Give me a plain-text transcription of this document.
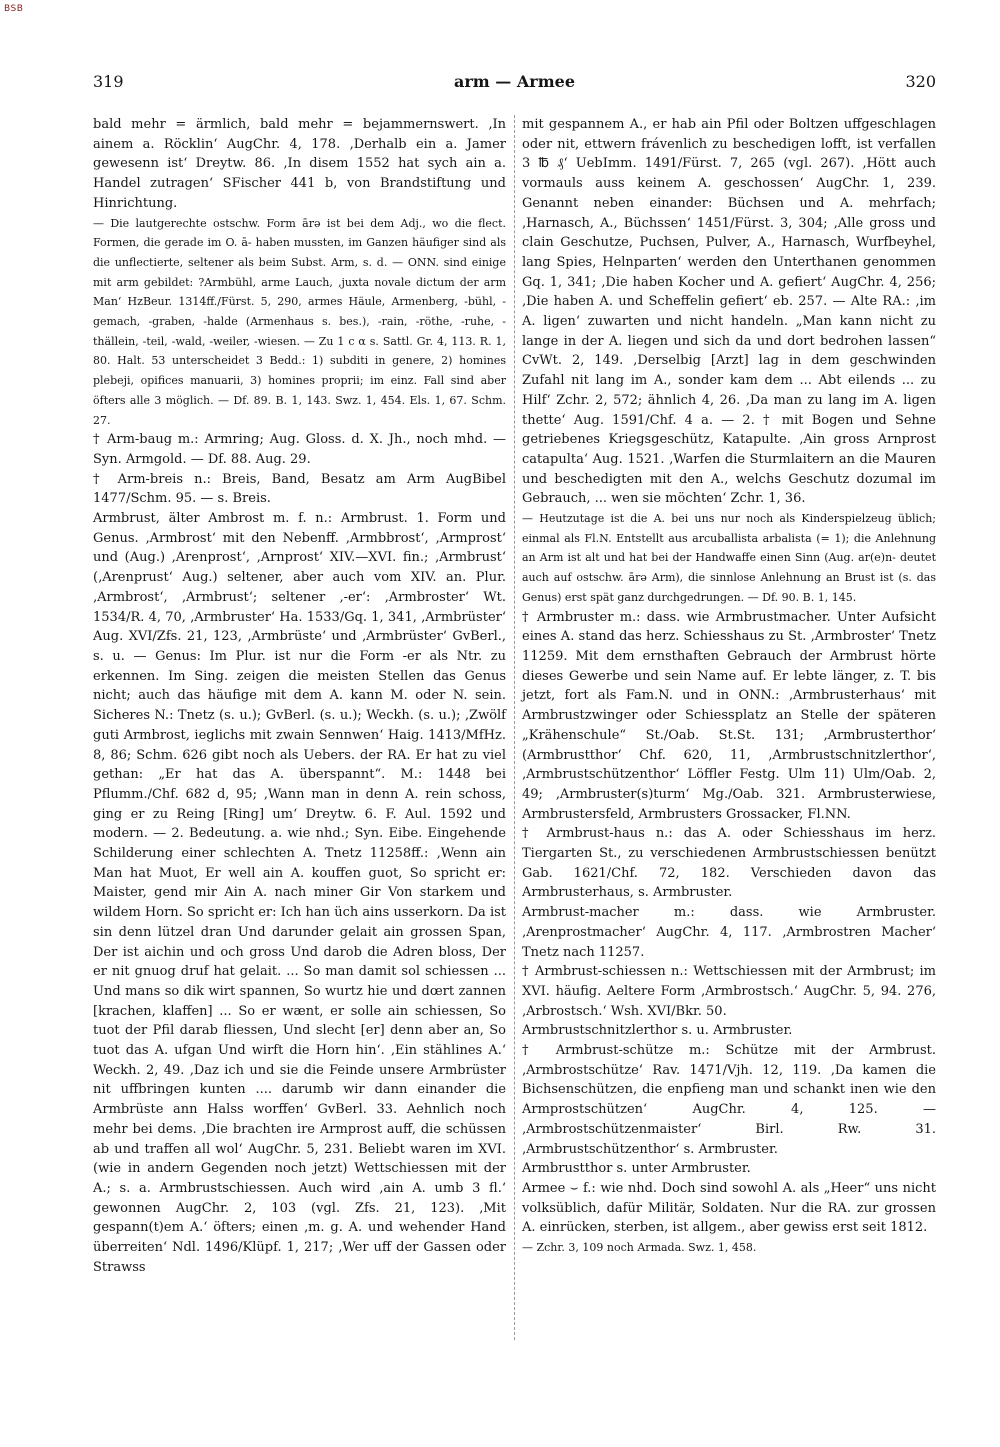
BSB
319	arm — Armee	320

bald mehr = ärmlich, bald mehr = bejammernswert. ‚In ainem a. Röcklin‘ AugChr. 4, 178. ‚Derhalb ein a. Jamer gewesenn ist‘ Dreytw. 86. ‚In disem 1552 hat sych ain a. Handel zutragen‘ SFischer 441 b, von Brandstiftung und Hinrichtung.

— Die lautgerechte ostschw. Form ārə ist bei dem Adj., wo die flect. Formen, die gerade im O. ā- haben mussten, im Ganzen häufiger sind als die unflectierte, seltener als beim Subst. Arm, s. d. — ONN. sind einige mit arm gebildet: ?Armbühl, arme Lauch, ‚juxta novale dictum der arm Man‘ HzBeur. 1314ff./Fürst. 5, 290, armes Häule, Armenberg, -bühl, -gemach, -graben, -halde (Armenhaus s. bes.), -rain, -röthe, -ruhe, -thällein, -teil, -wald, -weiler, -wiesen. — Zu 1 c α s. Sattl. Gr. 4, 113. R. 1, 80. Halt. 53 unterscheidet 3 Bedd.: 1) subditi in genere, 2) homines plebeji, opifices manuarii, 3) homines proprii; im einz. Fall sind aber öfters alle 3 möglich. — Df. 89. B. 1, 143. Swz. 1, 454. Els. 1, 67. Schm. 27.

† Arm-baug m.: Armring; Aug. Gloss. d. X. Jh., noch mhd. — Syn. Armgold. — Df. 88. Aug. 29.

† Arm-breis n.: Breis, Band, Besatz am Arm AugBibel 1477/Schm. 95. — s. Breis.

Armbrust, älter Ambrost m. f. n.: Armbrust. 1. Form und Genus. ‚Armbrost‘ mit den Nebenff. ‚Armbbrost‘, ‚Armprost‘ und (Aug.) ‚Arenprost‘, ‚Arnprost‘ XIV.—XVI. fin.; ‚Armbrust‘ (‚Arenprust‘ Aug.) seltener, aber auch vom XIV. an. Plur. ‚Armbrost‘, ‚Armbrust‘; seltener ‚-er‘: ‚Armbroster‘ Wt. 1534/R. 4, 70, ‚Armbruster‘ Ha. 1533/Gq. 1, 341, ‚Armbrüster‘ Aug. XVI/Zfs. 21, 123, ‚Armbrüste‘ und ‚Armbrüster‘ GvBerl., s. u. — Genus: Im Plur. ist nur die Form -er als Ntr. zu erkennen. Im Sing. zeigen die meisten Stellen das Genus nicht; auch das häufige mit dem A. kann M. oder N. sein. Sicheres N.: Tnetz (s. u.); GvBerl. (s. u.); Weckh. (s. u.); ‚Zwölf guti Armbrost, ieglichs mit zwain Sennwen‘ Haig. 1413/MfHz. 8, 86; Schm. 626 gibt noch als Uebers. der RA. Er hat zu viel gethan: „Er hat das A. überspannt“. M.: 1448 bei Pflumm./Chf. 682 d, 95; ‚Wann man in denn A. rein schoss, ging er zu Reing [Ring] um‘ Dreytw. 6. F. Aul. 1592 und modern. — 2. Bedeutung. a. wie nhd.; Syn. Eibe. Eingehende Schilderung einer schlechten A. Tnetz 11258ff.: ‚Wenn ain Man hat Muot, Er well ain A. kouffen guot, So spricht er: Maister, gend mir Ain A. nach miner Gir Von starkem und wildem Horn. So spricht er: Ich han üch ains usserkorn. Da ist sin denn lützel dran Und darunder gelait ain grossen Span, Der ist aichin und och gross Und darob die Adren bloss, Der er nit gnuog druf hat gelait. ... So man damit sol schiessen ... Und mans so dik wirt spannen, So wurtz hie und dœrt zannen [krachen, klaffen] ... So er wænt, er solle ain schiessen, So tuot der Pfil darab fliessen, Und slecht [er] denn aber an, So tuot das A. ufgan Und wirft die Horn hin‘. ‚Ein stählines A.‘ Weckh. 2, 49. ‚Daz ich und sie die Feinde unsere Armbrüster nit uffbringen kunten .... darumb wir dann einander die Armbrüste ann Halss worffen‘ GvBerl. 33. Aehnlich noch mehr bei dems. ‚Die brachten ire Armprost auff, die schüssen ab und traffen all wol‘ AugChr. 5, 231. Beliebt waren im XVI. (wie in andern Gegenden noch jetzt) Wettschiessen mit der A.; s. a. Armbrustschiessen. Auch wird ‚ain A. umb 3 fl.‘ gewonnen AugChr. 2, 103 (vgl. Zfs. 21, 123). ‚Mit gespann(t)em A.‘ öfters; einen ‚m. g. A. und wehender Hand überreiten‘ Ndl. 1496/Klüpf. 1, 217; ‚Wer uff der Gassen oder Strawss

mit gespannem A., er hab ain Pfil oder Boltzen uffgeschlagen oder nit, ettwern frávenlich zu beschedigen lofft, ist verfallen 3 ℔ ₰‘ UebImm. 1491/Fürst. 7, 265 (vgl. 267). ‚Hött auch vormauls auss keinem A. geschossen‘ AugChr. 1, 239. Genannt neben einander: Büchsen und A. mehrfach; ‚Harnasch, A., Büchssen‘ 1451/Fürst. 3, 304; ‚Alle gross und clain Geschutze, Puchsen, Pulver, A., Harnasch, Wurfbeyhel, lang Spies, Helnparten‘ werden den Unterthanen genommen Gq. 1, 341; ‚Die haben Kocher und A. gefiert‘ AugChr. 4, 256; ‚Die haben A. und Scheffelin gefiert‘ eb. 257. — Alte RA.: ‚im A. ligen‘ zuwarten und nicht handeln. „Man kann nicht zu lange in der A. liegen und sich da und dort bedrohen lassen“ CvWt. 2, 149. ‚Derselbig [Arzt] lag in dem geschwinden Zufahl nit lang im A., sonder kam dem ... Abt eilends ... zu Hilf‘ Zchr. 2, 572; ähnlich 4, 26. ‚Da man zu lang im A. ligen thette‘ Aug. 1591/Chf. 4 a. — 2. † mit Bogen und Sehne getriebenes Kriegsgeschütz, Katapulte. ‚Ain gross Arnprost catapulta‘ Aug. 1521. ‚Warfen die Sturmlaitern an die Mauren und beschedigten mit den A., welchs Geschutz dozumal im Gebrauch, ... wen sie möchten‘ Zchr. 1, 36.

— Heutzutage ist die A. bei uns nur noch als Kinderspielzeug üblich; einmal als Fl.N. Entstellt aus arcuballista arbalista (= 1); die Anlehnung an Arm ist alt und hat bei der Handwaffe einen Sinn (Aug. ar(e)n- deutet auch auf ostschw. ārə Arm), die sinnlose Anlehnung an Brust ist (s. das Genus) erst spät ganz durchgedrungen. — Df. 90. B. 1, 145.

† Armbruster m.: dass. wie Armbrustmacher. Unter Aufsicht eines A. stand das herz. Schiesshaus zu St. ‚Armbroster‘ Tnetz 11259. Mit dem ernsthaften Gebrauch der Armbrust hörte dieses Gewerbe und sein Name auf. Er lebte länger, z. T. bis jetzt, fort als Fam.N. und in ONN.: ‚Armbrusterhaus‘ mit Armbrustzwinger oder Schiessplatz an Stelle der späteren „Krähenschule“ St./Oab. St.St. 131; ‚Armbrusterthor‘ (Armbrustthor‘ Chf. 620, 11, ‚Armbrustschnitzlerthor‘, ‚Armbrustschützenthor‘ Löffler Festg. Ulm 11) Ulm/Oab. 2, 49; ‚Armbruster(s)turm‘ Mg./Oab. 321. Armbrusterwiese, Armbrustersfeld, Armbrusters Grossacker, Fl.NN.

† Armbrust-haus n.: das A. oder Schiesshaus im herz. Tiergarten St., zu verschiedenen Armbrustschiessen benützt Gab. 1621/Chf. 72, 182. Verschieden davon das Armbrusterhaus, s. Armbruster.

Armbrust-macher m.: dass. wie Armbruster. ‚Arenprostmacher‘ AugChr. 4, 117. ‚Armbrostren Macher‘ Tnetz nach 11257.

† Armbrust-schiessen n.: Wettschiessen mit der Armbrust; im XVI. häufig. Aeltere Form ‚Armbrostsch.‘ AugChr. 5, 94. 276, ‚Arbrostsch.‘ Wsh. XVI/Bkr. 50.

Armbrustschnitzlerthor s. u. Armbruster.

† Armbrust-schütze m.: Schütze mit der Armbrust. ‚Armbrostschütze‘ Rav. 1471/Vjh. 12, 119. ‚Da kamen die Bichsenschützen, die enpfieng man und schankt inen wie den Armprostschützen‘ AugChr. 4, 125. — ‚Armbrostschützenmaister‘ Birl. Rw. 31. ‚Armbrustschützenthor‘ s. Armbruster.

Armbrustthor s. unter Armbruster.

Armee ⌣ f.: wie nhd. Doch sind sowohl A. als „Heer“ uns nicht volksüblich, dafür Militär, Soldaten. Nur die RA. zur grossen A. einrücken, sterben, ist allgem., aber gewiss erst seit 1812.

— Zchr. 3, 109 noch Armada. Swz. 1, 458.
